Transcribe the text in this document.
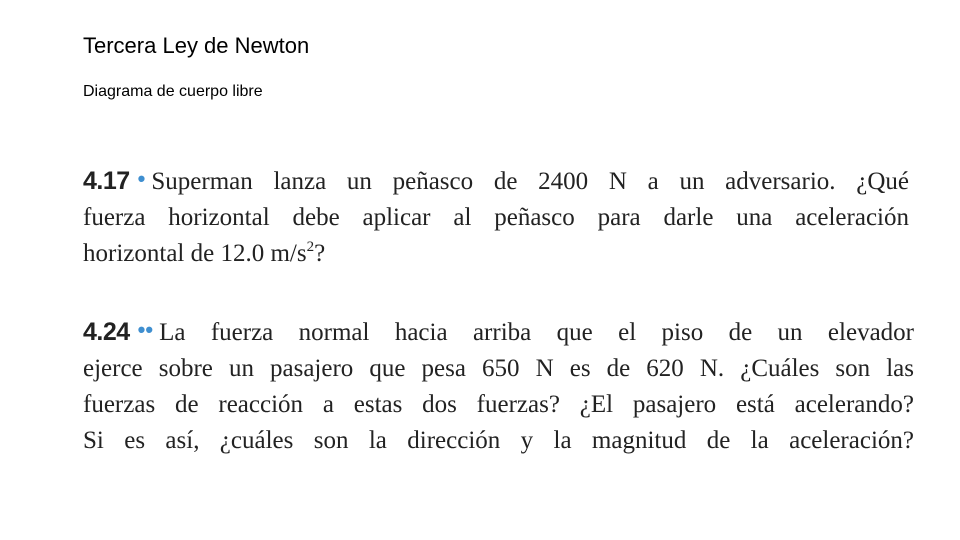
Tercera Ley de Newton
Diagrama de cuerpo libre
4.17 • Superman lanza un peñasco de 2400 N a un adversario. ¿Qué
fuerza horizontal debe aplicar al peñasco para darle una aceleración
horizontal de 12.0 $m/s^2$?
4.24 •• La fuerza normal hacia arriba que el piso de un elevador
ejerce sobre un pasajero que pesa 650 N es de 620 N. ¿Cuáles son las
fuerzas de reacción a estas dos fuerzas? ¿El pasajero está acelerando?
Si es así, ¿cuáles son la dirección y la magnitud de la aceleración?
